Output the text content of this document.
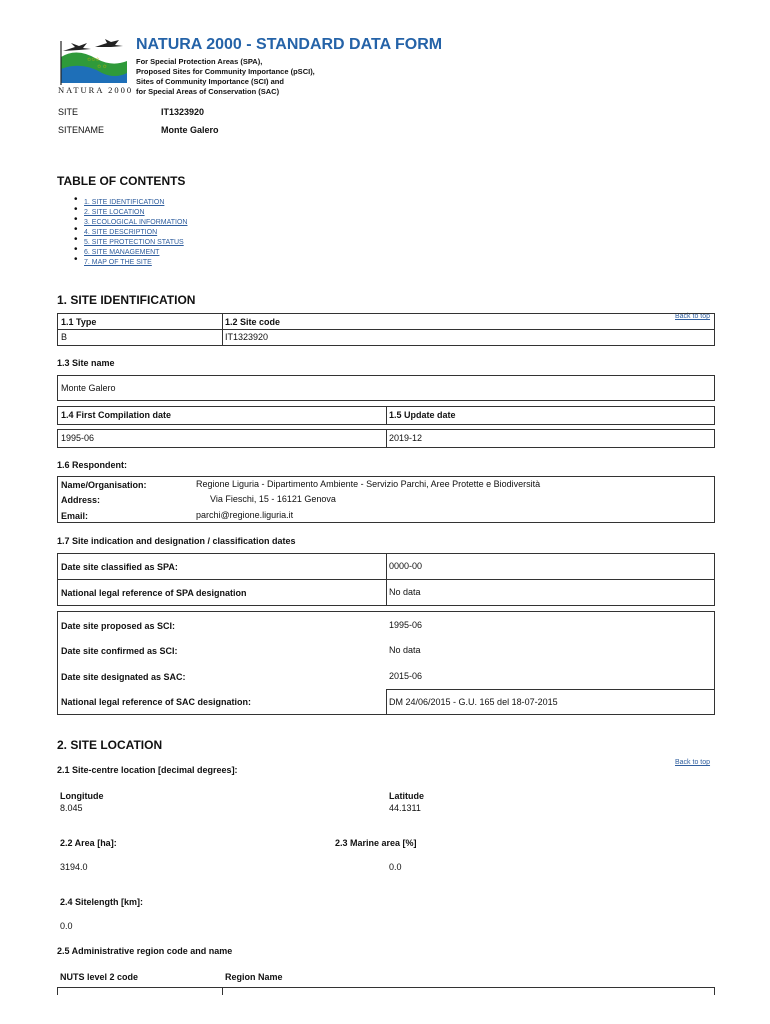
✩✩✩
✩ ✩
NATURA 2000
NATURA 2000 - STANDARD DATA FORM
For Special Protection Areas (SPA),
Proposed Sites for Community Importance (pSCI),
Sites of Community Importance (SCI) and
for Special Areas of Conservation (SAC)
SITE	IT1323920
SITENAME	Monte Galero
TABLE OF CONTENTS
• 1. SITE IDENTIFICATION
• 2. SITE LOCATION
• 3. ECOLOGICAL INFORMATION
• 4. SITE DESCRIPTION
• 5. SITE PROTECTION STATUS
• 6. SITE MANAGEMENT
• 7. MAP OF THE SITE
1. SITE IDENTIFICATION
Back to top
1.1 Type	1.2 Site code
B	IT1323920
1.3 Site name
Monte Galero
1.4 First Compilation date	1.5 Update date
1995-06	2019-12
1.6 Respondent:
Name/Organisation:	Regione Liguria - Dipartimento Ambiente - Servizio Parchi, Aree Protette e Biodiversità
Address:	Via Fieschi, 15 - 16121 Genova
Email:	parchi@regione.liguria.it
1.7 Site indication and designation / classification dates
Date site classified as SPA:	0000-00
National legal reference of SPA designation	No data
Date site proposed as SCI:	1995-06
Date site confirmed as SCI:	No data
Date site designated as SAC:	2015-06
National legal reference of SAC designation:	DM 24/06/2015 - G.U. 165 del 18-07-2015
2. SITE LOCATION
Back to top
2.1 Site-centre location [decimal degrees]:
Longitude
8.045
Latitude
44.1311
2.2 Area [ha]:	2.3 Marine area [%]
3194.0	0.0
2.4 Sitelength [km]:
0.0
2.5 Administrative region code and name
NUTS level 2 code	Region Name
